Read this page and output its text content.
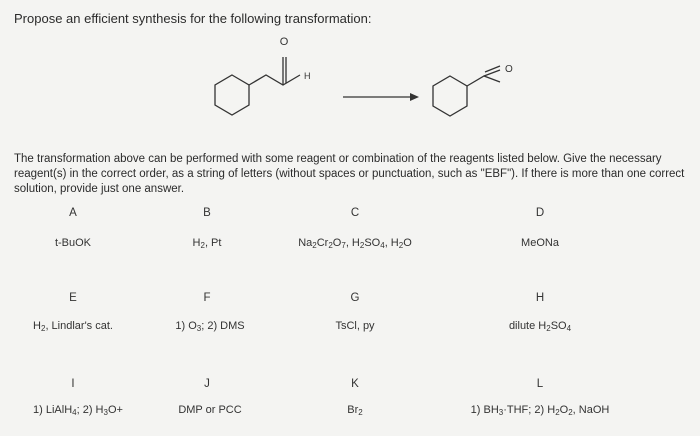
Propose an efficient synthesis for the following transformation:
O
H
O
The transformation above can be performed with some reagent or combination of the reagents listed below. Give the necessary
reagent(s) in the correct order, as a string of letters (without spaces or punctuation, such as "EBF"). If there is more than one correct
solution, provide just one answer.
A
t-BuOK
B
$H_2$, Pt
C
$Na_2Cr_2O_7$, $H_2SO_4$, $H_2O$
D
MeONa
E
$H_2$, Lindlar's cat.
F
1) $O_3$; 2) DMS
G
TsCl, py
H
dilute $H_2SO_4$
I
1) LiAlH$_4$; 2) $H_3O+$
J
DMP or PCC
K
$Br_2$
L
1) $BH_3\cdot THF$; 2) $H_2O_2$, NaOH
